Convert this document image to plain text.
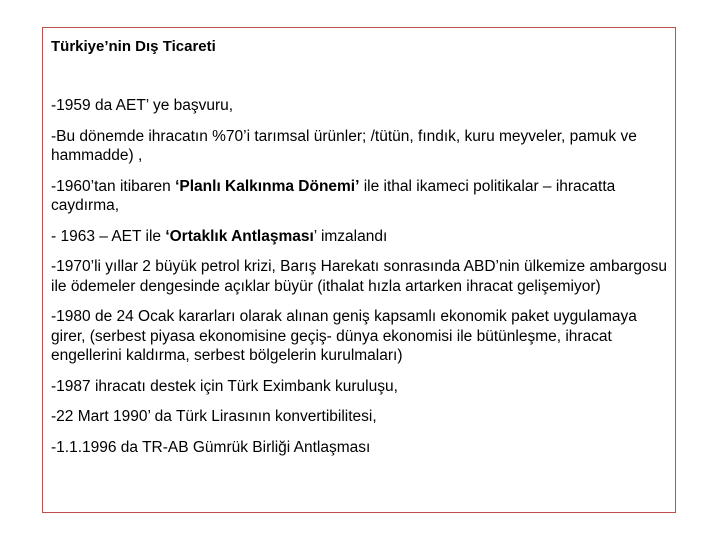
Türkiye’nin Dış Ticareti

-1959 da AET’ ye başvuru,

-Bu dönemde ihracatın %70’i tarımsal ürünler; /tütün, fındık, kuru meyveler, pamuk ve hammadde) ,

-1960’tan itibaren ‘Planlı Kalkınma Dönemi’ ile ithal ikameci politikalar – ihracatta caydırma,

- 1963 – AET ile ‘Ortaklık Antlaşması’ imzalandı

-1970’li yıllar 2 büyük petrol krizi, Barış Harekatı sonrasında ABD’nin ülkemize ambargosu ile ödemeler dengesinde açıklar büyür (ithalat hızla artarken ihracat gelişemiyor)

-1980 de 24 Ocak kararları olarak alınan geniş kapsamlı ekonomik paket uygulamaya girer, (serbest piyasa ekonomisine geçiş- dünya ekonomisi ile bütünleşme, ihracat engellerini kaldırma, serbest bölgelerin kurulmaları)

-1987 ihracatı destek için Türk Eximbank kuruluşu,

-22 Mart 1990’ da Türk Lirasının konvertibilitesi,

-1.1.1996 da TR-AB Gümrük Birliği Antlaşması
